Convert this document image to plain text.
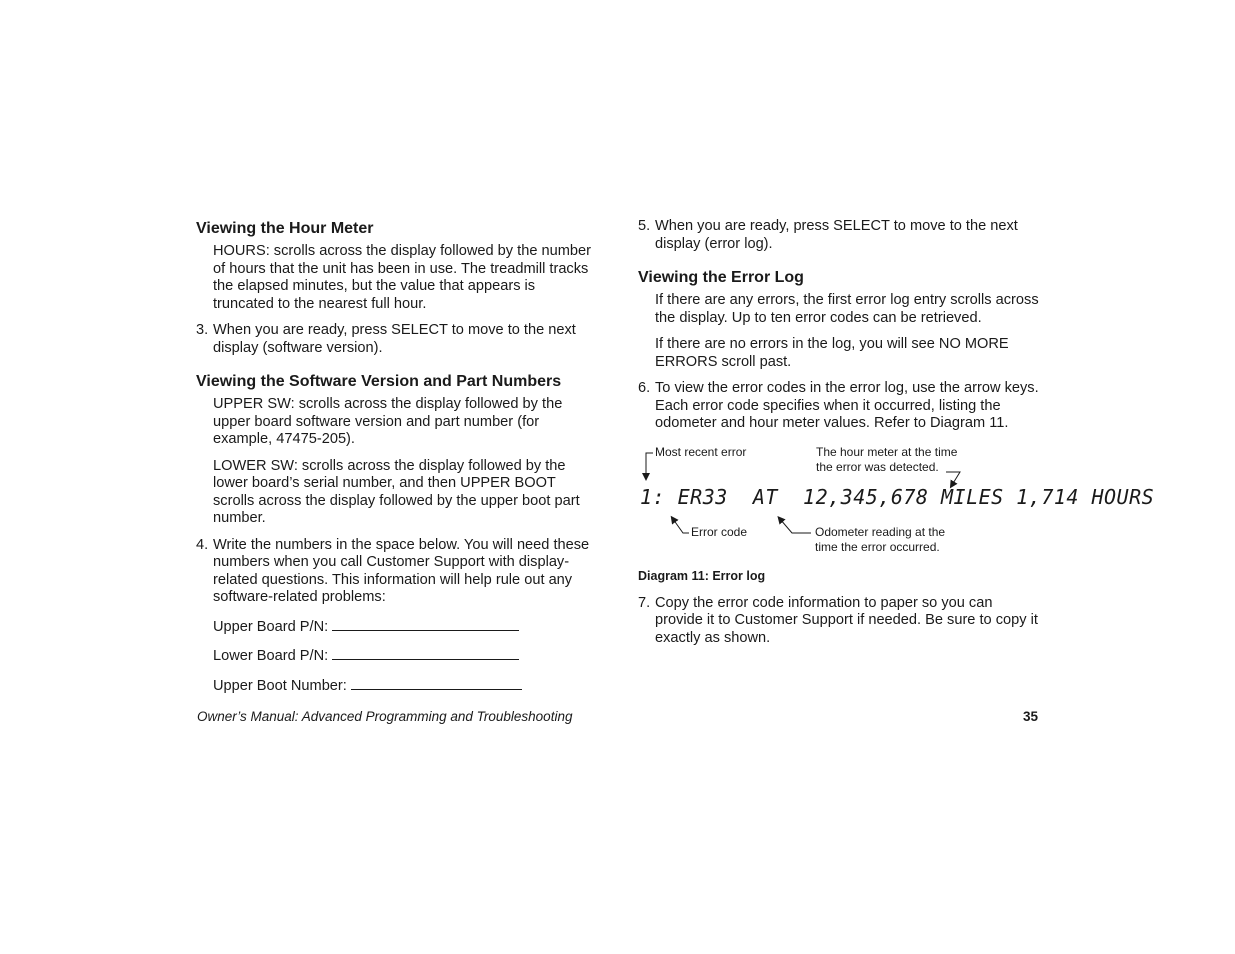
Viewing the Hour Meter

HOURS: scrolls across the display followed by the number of hours that the unit has been in use. The treadmill tracks the elapsed minutes, but the value that appears is truncated to the nearest full hour.

3. When you are ready, press SELECT to move to the next display (software version).
Viewing the Software Version and Part Numbers

UPPER SW: scrolls across the display followed by the upper board software version and part number (for example, 47475-205).

LOWER SW: scrolls across the display followed by the lower board’s serial number, and then UPPER BOOT scrolls across the display followed by the upper boot part number.

4. Write the numbers in the space below. You will need these numbers when you call Customer Support with display-related questions. This information will help rule out any software-related problems:
Upper Board P/N:
Lower Board P/N:
Upper Boot Number:
5. When you are ready, press SELECT to move to the next display (error log).
Viewing the Error Log

If there are any errors, the first error log entry scrolls across the display. Up to ten error codes can be retrieved.

If there are no errors in the log, you will see NO MORE ERRORS scroll past.

6. To view the error codes in the error log, use the arrow keys. Each error code specifies when it occurred, listing the odometer and hour meter values. Refer to Diagram 11.
Most recent error	The hour meter at the time
the error was detected.
1: ER33  AT  12,345,678 MILES 1,714 HOURS
Error code	Odometer reading at the
time the error occurred.
Diagram 11: Error log
7. Copy the error code information to paper so you can provide it to Customer Support if needed. Be sure to copy it exactly as shown.
Owner’s Manual: Advanced Programming and Troubleshooting	35
